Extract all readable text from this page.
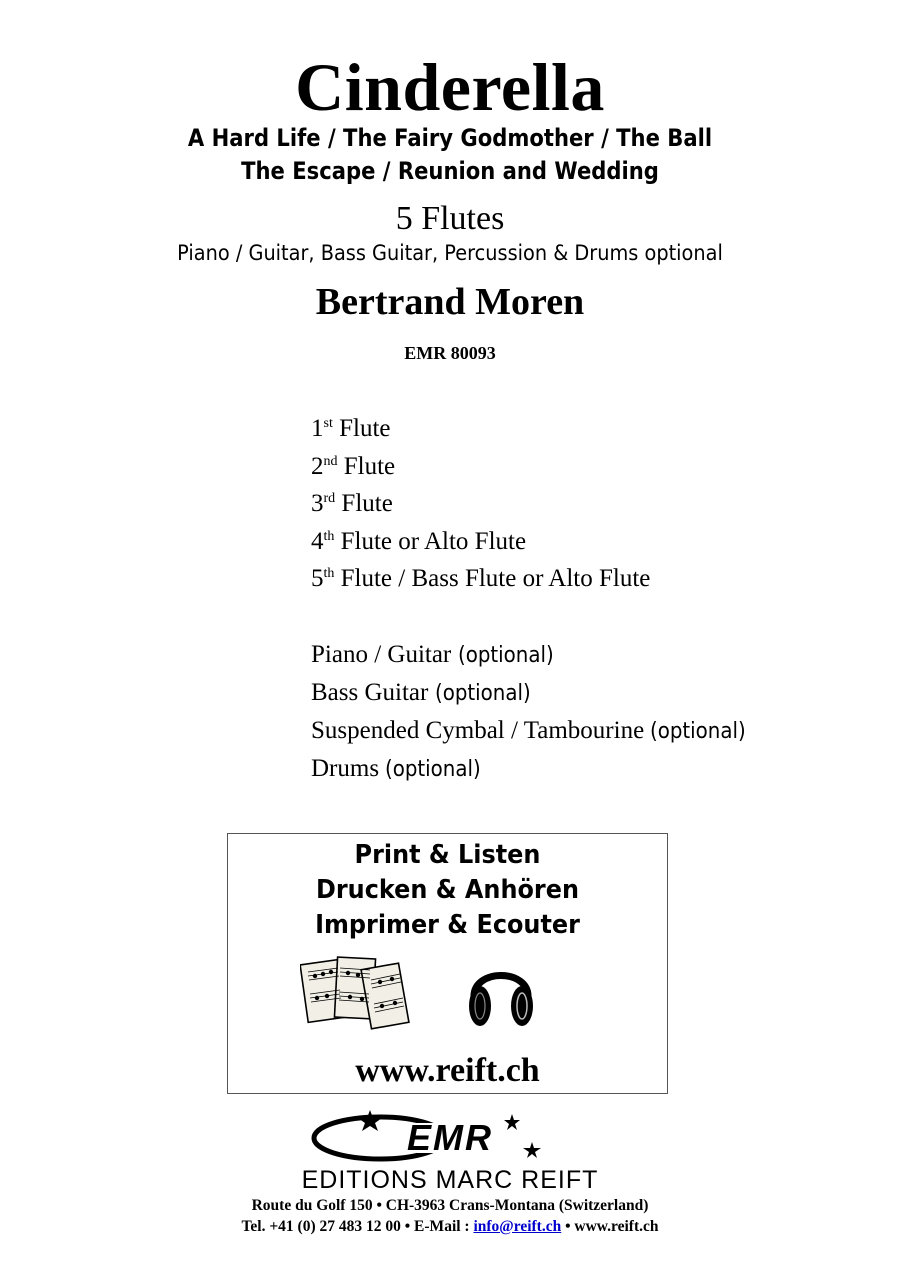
Cinderella
A Hard Life / The Fairy Godmother / The Ball
The Escape / Reunion and Wedding
5 Flutes
Piano / Guitar, Bass Guitar, Percussion & Drums optional
Bertrand Moren
EMR 80093
1st Flute
2nd Flute
3rd Flute
4th Flute or Alto Flute
5th Flute / Bass Flute or Alto Flute
Piano / Guitar (optional)
Bass Guitar (optional)
Suspended Cymbal / Tambourine (optional)
Drums (optional)
Print & Listen
Drucken & Anhören
Imprimer & Ecouter
www.reift.ch
EMR
EDITIONS MARC REIFT
Route du Golf 150 • CH-3963 Crans-Montana (Switzerland)
Tel. +41 (0) 27 483 12 00 • E-Mail : info@reift.ch • www.reift.ch
